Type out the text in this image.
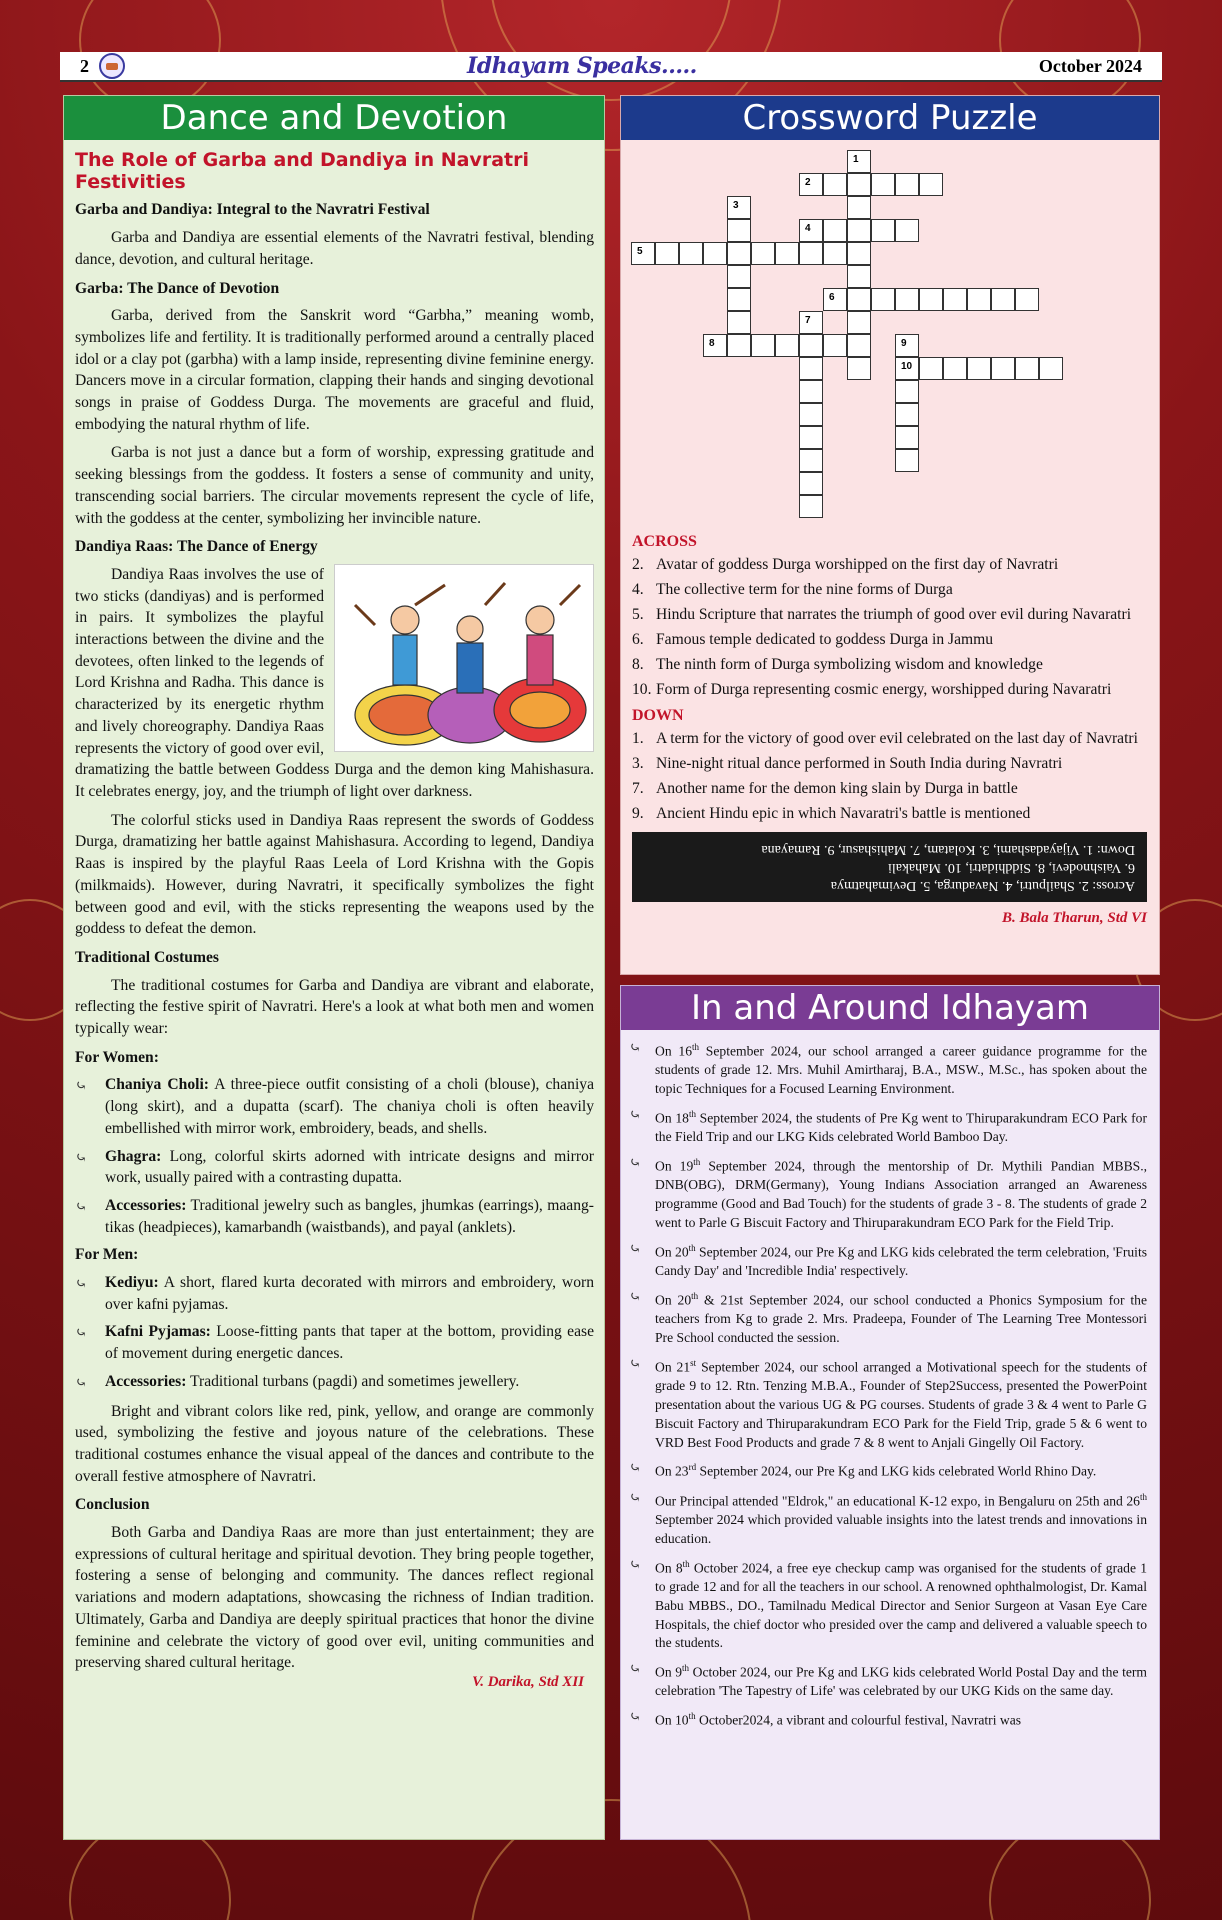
2	Idhayam Speaks.....	October 2024
Dance and Devotion
The Role of Garba and Dandiya in Navratri Festivities
Garba and Dandiya: Integral to the Navratri Festival
Garba and Dandiya are essential elements of the Navratri festival, blending dance, devotion, and cultural heritage.
Garba: The Dance of Devotion
Garba, derived from the Sanskrit word “Garbha,” meaning womb, symbolizes life and fertility. It is traditionally performed around a centrally placed idol or a clay pot (garbha) with a lamp inside, representing divine feminine energy. Dancers move in a circular formation, clapping their hands and singing devotional songs in praise of Goddess Durga. The movements are graceful and fluid, embodying the natural rhythm of life.
Garba is not just a dance but a form of worship, expressing gratitude and seeking blessings from the goddess. It fosters a sense of community and unity, transcending social barriers. The circular movements represent the cycle of life, with the goddess at the center, symbolizing her invincible nature.
Dandiya Raas: The Dance of Energy
Dandiya Raas involves the use of two sticks (dandiyas) and is performed in pairs. It symbolizes the playful interactions between the divine and the devotees, often linked to the legends of Lord Krishna and Radha. This dance is characterized by its energetic rhythm and lively choreography. Dandiya Raas represents the victory of good over evil, dramatizing the battle between Goddess Durga and the demon king Mahishasura. It celebrates energy, joy, and the triumph of light over darkness.
The colorful sticks used in Dandiya Raas represent the swords of Goddess Durga, dramatizing her battle against Mahishasura. According to legend, Dandiya Raas is inspired by the playful Raas Leela of Lord Krishna with the Gopis (milkmaids). However, during Navratri, it specifically symbolizes the fight between good and evil, with the sticks representing the weapons used by the goddess to defeat the demon.
Traditional Costumes
The traditional costumes for Garba and Dandiya are vibrant and elaborate, reflecting the festive spirit of Navratri. Here's a look at what both men and women typically wear:
For Women:
⤿	Chaniya Choli: A three-piece outfit consisting of a choli (blouse), chaniya (long skirt), and a dupatta (scarf). The chaniya choli is often heavily embellished with mirror work, embroidery, beads, and shells.
⤿	Ghagra: Long, colorful skirts adorned with intricate designs and mirror work, usually paired with a contrasting dupatta.
⤿	Accessories: Traditional jewelry such as bangles, jhumkas (earrings), maang-tikas (headpieces), kamarbandh (waistbands), and payal (anklets).
For Men:
⤿	Kediyu: A short, flared kurta decorated with mirrors and embroidery, worn over kafni pyjamas.
⤿	Kafni Pyjamas: Loose-fitting pants that taper at the bottom, providing ease of movement during energetic dances.
⤿	Accessories: Traditional turbans (pagdi) and sometimes jewellery.
Bright and vibrant colors like red, pink, yellow, and orange are commonly used, symbolizing the festive and joyous nature of the celebrations. These traditional costumes enhance the visual appeal of the dances and contribute to the overall festive atmosphere of Navratri.
Conclusion
Both Garba and Dandiya Raas are more than just entertainment; they are expressions of cultural heritage and spiritual devotion. They bring people together, fostering a sense of belonging and community. The dances reflect regional variations and modern adaptations, showcasing the richness of Indian tradition. Ultimately, Garba and Dandiya are deeply spiritual practices that honor the divine feminine and celebrate the victory of good over evil, uniting communities and preserving shared cultural heritage.
V. Darika, Std XII
Crossword Puzzle
1
2
3
4
5
6
7
8	9
10
ACROSS
2. Avatar of goddess Durga worshipped on the first day of Navratri
4. The collective term for the nine forms of Durga
5. Hindu Scripture that narrates the triumph of good over evil during Navaratri
6. Famous temple dedicated to goddess Durga in Jammu
8. The ninth form of Durga symbolizing wisdom and knowledge
10. Form of Durga representing cosmic energy, worshipped during Navaratri
DOWN
1. A term for the victory of good over evil celebrated on the last day of Navratri
3. Nine-night ritual dance performed in South India during Navratri
7. Another name for the demon king slain by Durga in battle
9. Ancient Hindu epic in which Navaratri's battle is mentioned
Across: 2. Shailputri, 4. Navadurga, 5. Devimahatmya
6. Vaishnodevi, 8. Siddhidatri, 10. Mahakali
Down: 1. Vijayadashami, 3. Kolatam, 7. Mahishasur, 9. Ramayana
B. Bala Tharun, Std VI
In and Around Idhayam
⤿	On 16th September 2024, our school arranged a career guidance programme for the students of grade 12. Mrs. Muhil Amirtharaj, B.A., MSW., M.Sc., has spoken about the topic Techniques for a Focused Learning Environment.
⤿	On 18th September 2024, the students of Pre Kg went to Thiruparakundram ECO Park for the Field Trip and our LKG Kids celebrated World Bamboo Day.
⤿	On 19th September 2024, through the mentorship of Dr. Mythili Pandian MBBS., DNB(OBG), DRM(Germany), Young Indians Association arranged an Awareness programme (Good and Bad Touch) for the students of grade 3 - 8. The students of grade 2 went to Parle G Biscuit Factory and Thiruparakundram ECO Park for the Field Trip.
⤿	On 20th September 2024, our Pre Kg and LKG kids celebrated the term celebration, 'Fruits Candy Day' and 'Incredible India' respectively.
⤿	On 20th & 21st September 2024, our school conducted a Phonics Symposium for the teachers from Kg to grade 2. Mrs. Pradeepa, Founder of The Learning Tree Montessori Pre School conducted the session.
⤿	On 21st September 2024, our school arranged a Motivational speech for the students of grade 9 to 12. Rtn. Tenzing M.B.A., Founder of Step2Success, presented the PowerPoint presentation about the various UG & PG courses. Students of grade 3 & 4 went to Parle G Biscuit Factory and Thiruparakundram ECO Park for the Field Trip, grade 5 & 6 went to VRD Best Food Products and grade 7 & 8 went to Anjali Gingelly Oil Factory.
⤿	On 23rd September 2024, our Pre Kg and LKG kids celebrated World Rhino Day.
⤿	Our Principal attended "Eldrok," an educational K-12 expo, in Bengaluru on 25th and 26th September 2024 which provided valuable insights into the latest trends and innovations in education.
⤿	On 8th October 2024, a free eye checkup camp was organised for the students of grade 1 to grade 12 and for all the teachers in our school. A renowned ophthalmologist, Dr. Kamal Babu MBBS., DO., Tamilnadu Medical Director and Senior Surgeon at Vasan Eye Care Hospitals, the chief doctor who presided over the camp and delivered a valuable speech to the students.
⤿	On 9th October 2024, our Pre Kg and LKG kids celebrated World Postal Day and the term celebration 'The Tapestry of Life' was celebrated by our UKG Kids on the same day.
⤿	On 10th October2024, a vibrant and colourful festival, Navratri was
